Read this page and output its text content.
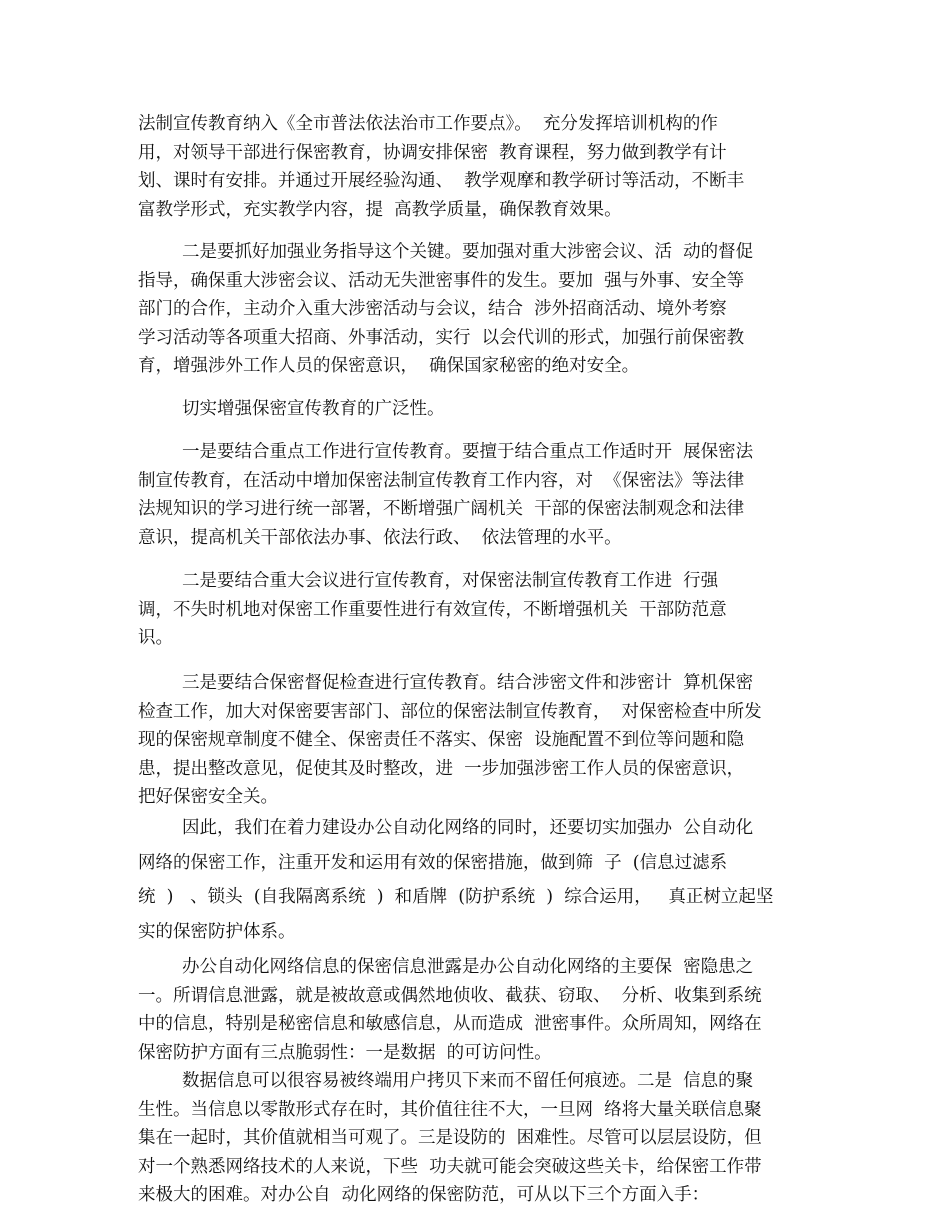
法制宣传教育纳入《全市普法依法治市工作要点》。  充分发挥培训机构的作
用，对领导干部进行保密教育，协调安排保密  教育课程，努力做到教学有计
划、课时有安排。并通过开展经验沟通、  教学观摩和教学研讨等活动，不断丰
富教学形式，充实教学内容，提  高教学质量，确保教育效果。
二是要抓好加强业务指导这个关键。要加强对重大涉密会议、活  动的督促
指导，确保重大涉密会议、活动无失泄密事件的发生。要加  强与外事、安全等
部门的合作，主动介入重大涉密活动与会议，结合  涉外招商活动、境外考察
学习活动等各项重大招商、外事活动，实行  以会代训的形式，加强行前保密教
育，增强涉外工作人员的保密意识，  确保国家秘密的绝对安全。
切实增强保密宣传教育的广泛性。
一是要结合重点工作进行宣传教育。要擅于结合重点工作适时开  展保密法
制宣传教育，在活动中增加保密法制宣传教育工作内容，对  《保密法》等法律
法规知识的学习进行统一部署，不断增强广阔机关  干部的保密法制观念和法律
意识，提高机关干部依法办事、依法行政、  依法管理的水平。
二是要结合重大会议进行宣传教育，对保密法制宣传教育工作进  行强
调，不失时机地对保密工作重要性进行有效宣传，不断增强机关  干部防范意
识。
三是要结合保密督促检查进行宣传教育。结合涉密文件和涉密计  算机保密
检查工作，加大对保密要害部门、部位的保密法制宣传教育，  对保密检查中所发
现的保密规章制度不健全、保密责任不落实、保密  设施配置不到位等问题和隐
患，提出整改意见，促使其及时整改，进  一步加强涉密工作人员的保密意识，
把好保密安全关。
因此，我们在着力建设办公自动化网络的同时，还要切实加强办  公自动化
网络的保密工作，注重开发和运用有效的保密措施，做到筛  子  (信息过滤系
统  )   、锁头  (自我隔离系统  )  和盾牌  (防护系统  )  综合运用，   真正树立起坚
实的保密防护体系。
办公自动化网络信息的保密信息泄露是办公自动化网络的主要保  密隐患之
一。所谓信息泄露，就是被故意或偶然地侦收、截获、窃取、  分析、收集到系统
中的信息，特别是秘密信息和敏感信息，从而造成  泄密事件。众所周知，网络在
保密防护方面有三点脆弱性：一是数据  的可访问性。
数据信息可以很容易被终端用户拷贝下来而不留任何痕迹。二是  信息的聚
生性。当信息以零散形式存在时，其价值往往不大，一旦网  络将大量关联信息聚
集在一起时，其价值就相当可观了。三是设防的  困难性。尽管可以层层设防，但
对一个熟悉网络技术的人来说，下些  功夫就可能会突破这些关卡，给保密工作带
来极大的困难。对办公自  动化网络的保密防范，可从以下三个方面入手：
